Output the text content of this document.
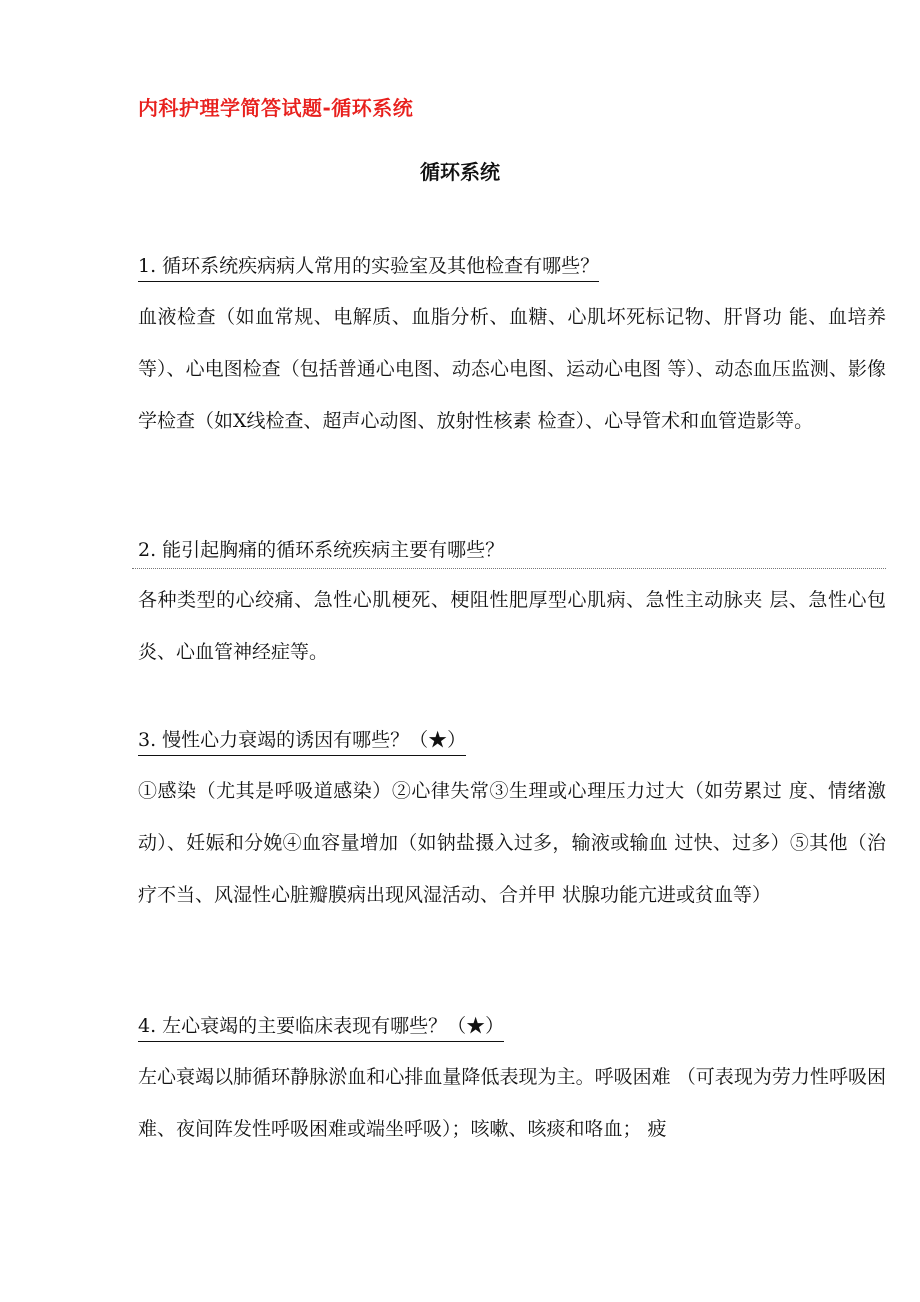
内科护理学简答试题-循环系统
循环系统

1. 循环系统疾病病人常用的实验室及其他检查有哪些？

血液检查（如血常规、电解质、血脂分析、血糖、心肌坏死标记物、肝肾功 能、血培养等）、心电图检查（包括普通心电图、动态心电图、运动心电图 等）、动态血压监测、影像学检查（如X线检查、超声心动图、放射性核素 检查）、心导管术和血管造影等。

2. 能引起胸痛的循环系统疾病主要有哪些？

各种类型的心绞痛、急性心肌梗死、梗阻性肥厚型心肌病、急性主动脉夹 层、急性心包炎、心血管神经症等。

3. 慢性心力衰竭的诱因有哪些？（★）

①感染（尤其是呼吸道感染）②心律失常③生理或心理压力过大（如劳累过 度、情绪激动）、妊娠和分娩④血容量增加（如钠盐摄入过多，输液或输血 过快、过多）⑤其他（治疗不当、风湿性心脏瓣膜病出现风湿活动、合并甲 状腺功能亢进或贫血等）

4. 左心衰竭的主要临床表现有哪些？（★）

左心衰竭以肺循环静脉淤血和心排血量降低表现为主。呼吸困难 （可表现为劳力性呼吸困难、夜间阵发性呼吸困难或端坐呼吸）；咳嗽、咳痰和咯血； 疲
